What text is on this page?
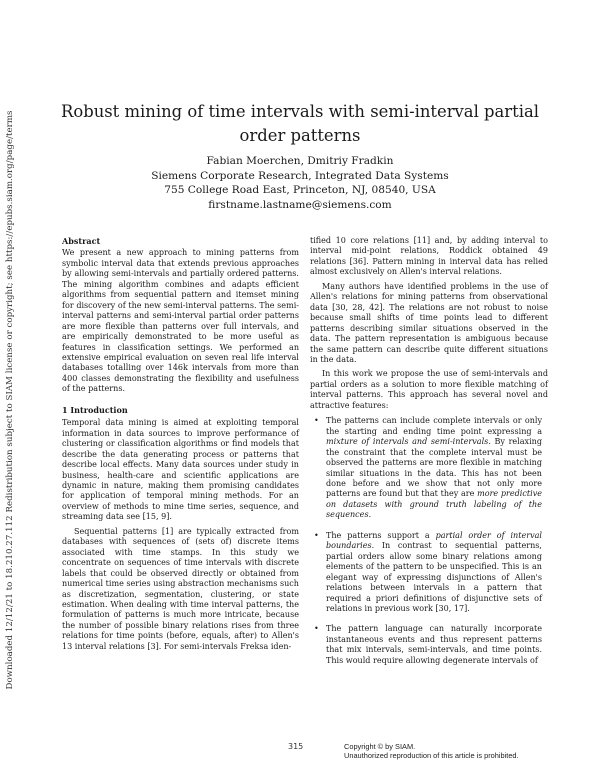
Downloaded 12/12/21 to 18.210.27.112 Redistribution subject to SIAM license or copyright; see https://epubs.siam.org/page/terms	Robust mining of time intervals with semi-interval partial order patterns
Fabian Moerchen, Dmitriy Fradkin
Siemens Corporate Research, Integrated Data Systems
755 College Road East, Princeton, NJ, 08540, USA
firstname.lastname@siemens.com

Abstract

We present a new approach to mining patterns from symbolic interval data that extends previous approaches by allowing semi-intervals and partially ordered patterns. The mining algorithm combines and adapts efficient algorithms from sequential pattern and itemset mining for discovery of the new semi-interval patterns. The semi-interval patterns and semi-interval partial order patterns are more flexible than patterns over full intervals, and are empirically demonstrated to be more useful as features in classification settings. We performed an extensive empirical evaluation on seven real life interval databases totalling over 146k intervals from more than 400 classes demonstrating the flexibility and usefulness of the patterns.

1 Introduction

Temporal data mining is aimed at exploiting temporal information in data sources to improve performance of clustering or classification algorithms or find models that describe the data generating process or patterns that describe local effects. Many data sources under study in business, health-care and scientific applications are dynamic in nature, making them promising candidates for application of temporal mining methods. For an overview of methods to mine time series, sequence, and streaming data see [15, 9].

Sequential patterns [1] are typically extracted from databases with sequences of (sets of) discrete items associated with time stamps. In this study we concentrate on sequences of time intervals with discrete labels that could be observed directly or obtained from numerical time series using abstraction mechanisms such as discretization, segmentation, clustering, or state estimation. When dealing with time interval patterns, the formulation of patterns is much more intricate, because the number of possible binary relations rises from three relations for time points (before, equals, after) to Allen's 13 interval relations [3]. For semi-intervals Freksa iden-

tified 10 core relations [11] and, by adding interval to interval mid-point relations, Roddick obtained 49 relations [36]. Pattern mining in interval data has relied almost exclusively on Allen's interval relations.

Many authors have identified problems in the use of Allen's relations for mining patterns from observational data [30, 28, 42]. The relations are not robust to noise because small shifts of time points lead to different patterns describing similar situations observed in the data. The pattern representation is ambiguous because the same pattern can describe quite different situations in the data.

In this work we propose the use of semi-intervals and partial orders as a solution to more flexible matching of interval patterns. This approach has several novel and attractive features:

• The patterns can include complete intervals or only the starting and ending time point expressing a mixture of intervals and semi-intervals. By relaxing the constraint that the complete interval must be observed the patterns are more flexible in matching similar situations in the data. This has not been done before and we show that not only more patterns are found but that they are more predictive on datasets with ground truth labeling of the sequences.
• The patterns support a partial order of interval boundaries. In contrast to sequential patterns, partial orders allow some binary relations among elements of the pattern to be unspecified. This is an elegant way of expressing disjunctions of Allen's relations between intervals in a pattern that required a priori definitions of disjunctive sets of relations in previous work [30, 17].
• The pattern language can naturally incorporate instantaneous events and thus represent patterns that mix intervals, semi-intervals, and time points. This would require allowing degenerate intervals of
315	Copyright © by SIAM.
Unauthorized reproduction of this article is prohibited.
